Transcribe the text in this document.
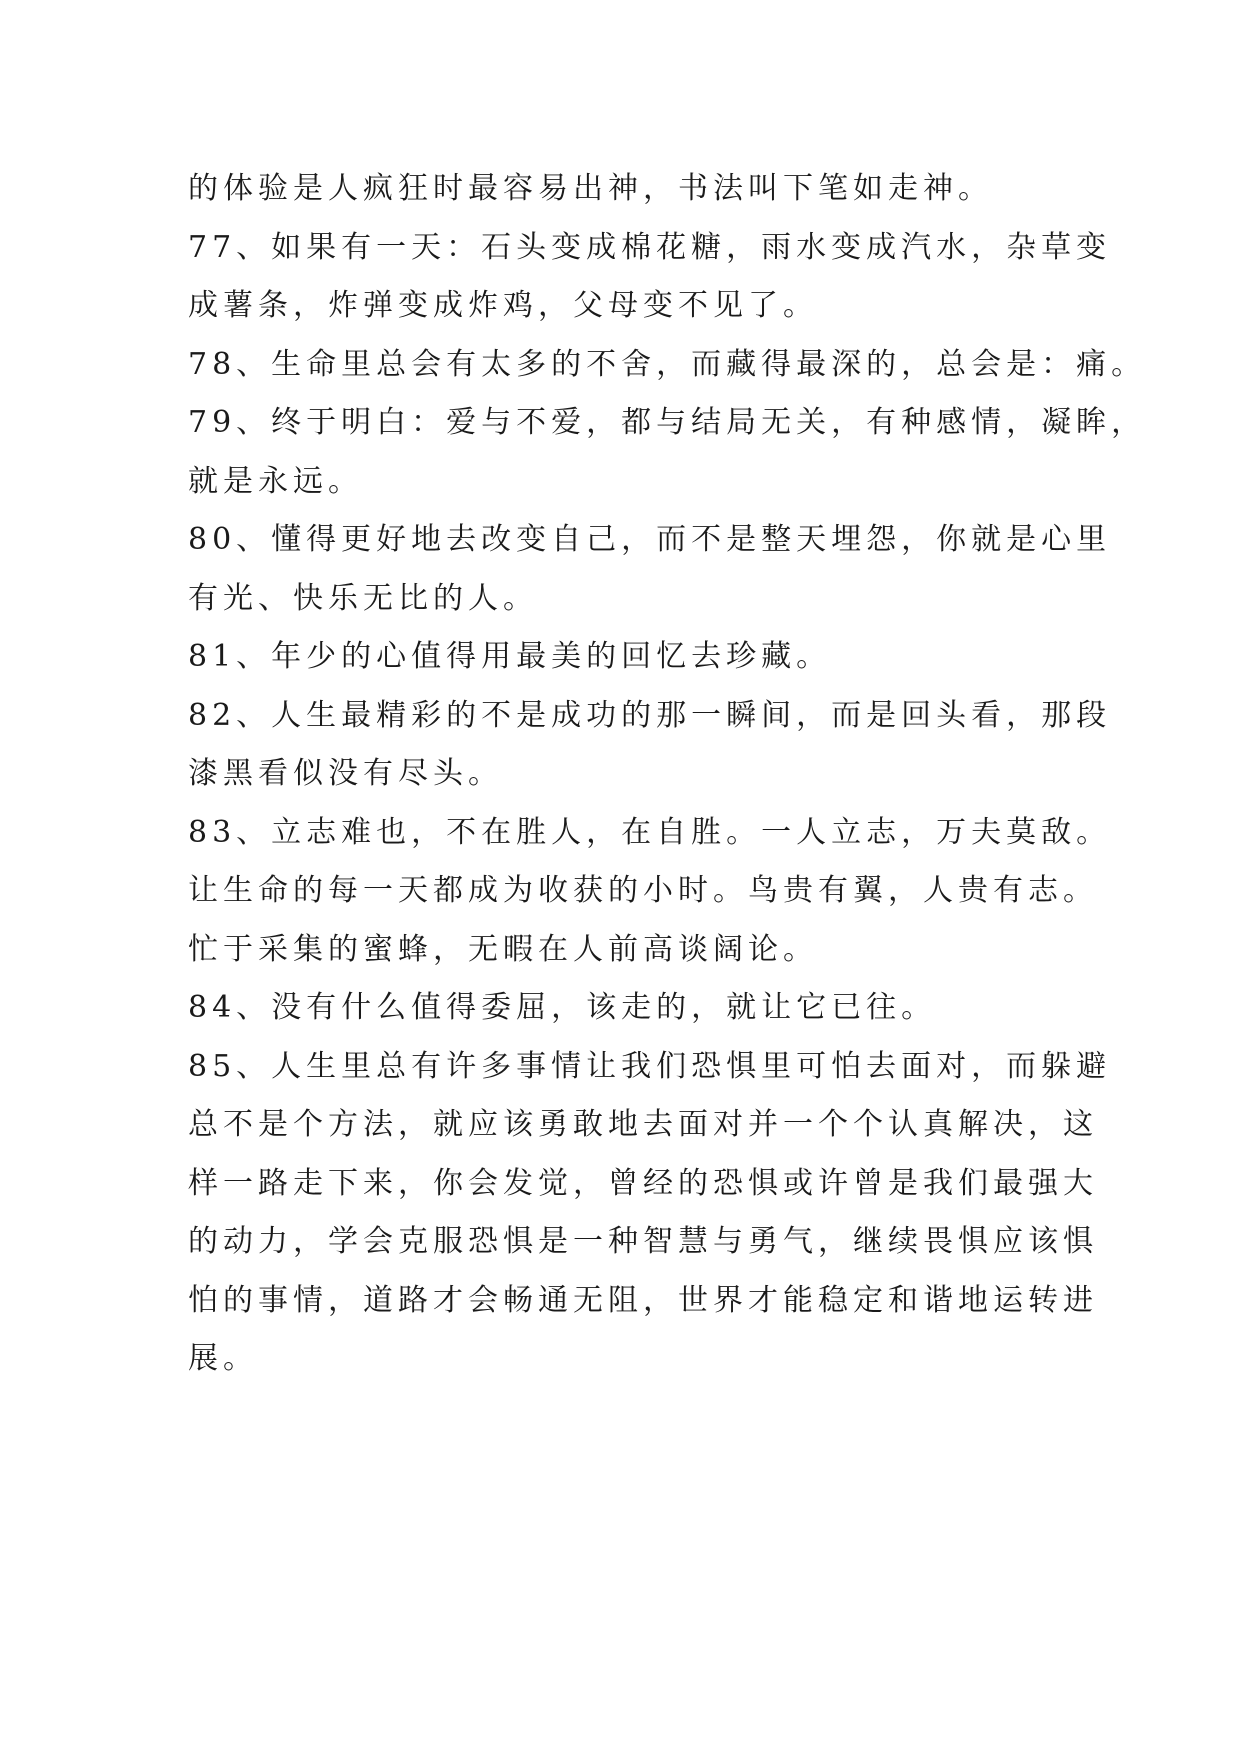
的体验是人疯狂时最容易出神，书法叫下笔如走神。
77、如果有一天：石头变成棉花糖，雨水变成汽水，杂草变
成薯条，炸弹变成炸鸡，父母变不见了。
78、生命里总会有太多的不舍，而藏得最深的，总会是：痛。
79、终于明白：爱与不爱，都与结局无关，有种感情，凝眸，
就是永远。
80、懂得更好地去改变自己，而不是整天埋怨，你就是心里
有光、快乐无比的人。
81、年少的心值得用最美的回忆去珍藏。
82、人生最精彩的不是成功的那一瞬间，而是回头看，那段
漆黑看似没有尽头。
83、立志难也，不在胜人，在自胜。一人立志，万夫莫敌。
让生命的每一天都成为收获的小时。鸟贵有翼，人贵有志。
忙于采集的蜜蜂，无暇在人前高谈阔论。
84、没有什么值得委屈，该走的，就让它已往。
85、人生里总有许多事情让我们恐惧里可怕去面对，而躲避
总不是个方法，就应该勇敢地去面对并一个个认真解决，这
样一路走下来，你会发觉，曾经的恐惧或许曾是我们最强大
的动力，学会克服恐惧是一种智慧与勇气，继续畏惧应该惧
怕的事情，道路才会畅通无阻，世界才能稳定和谐地运转进
展。
